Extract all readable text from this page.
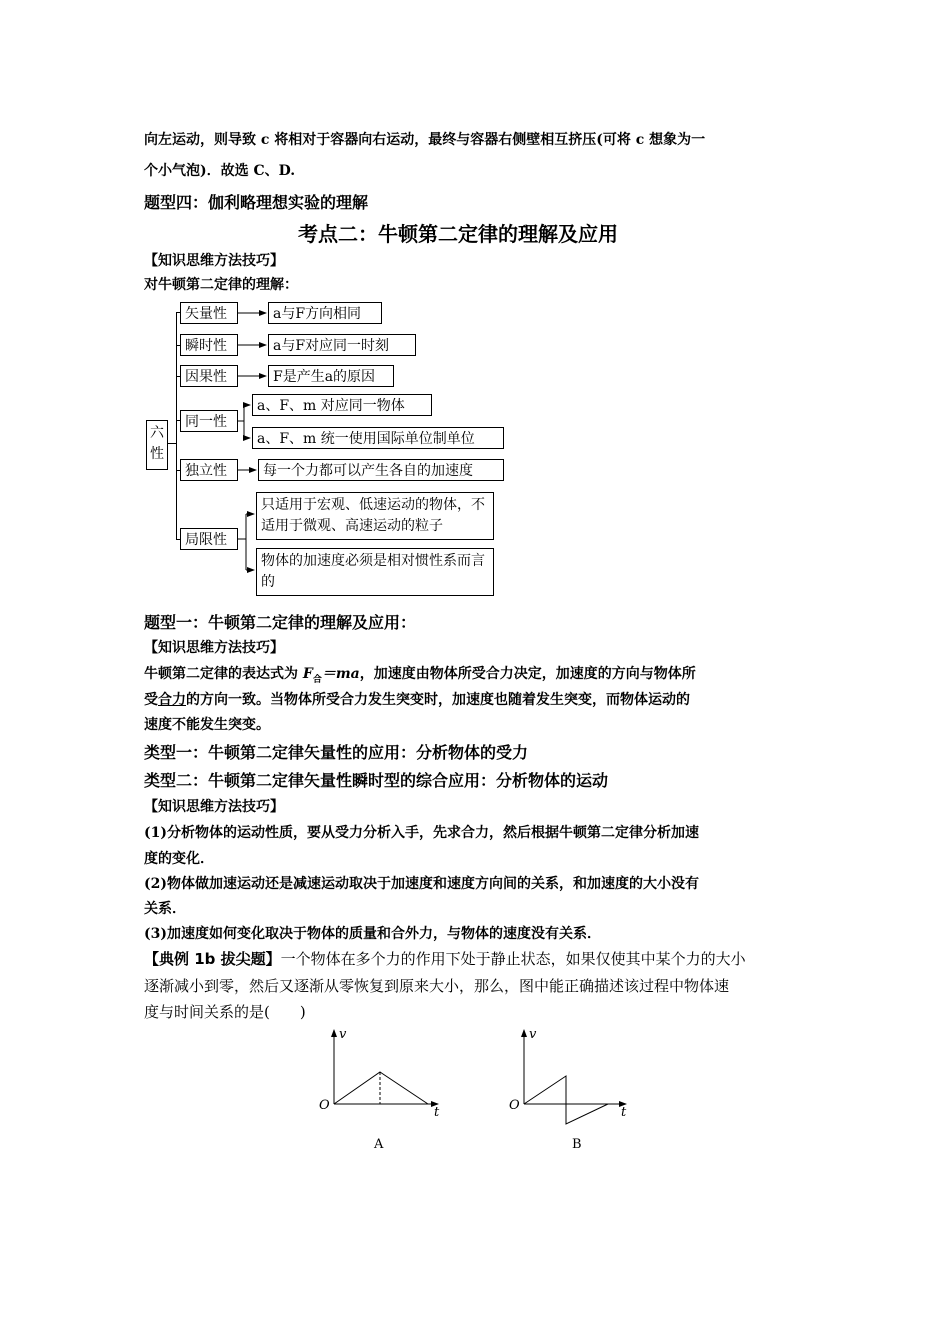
向左运动，则导致 c 将相对于容器向右运动，最终与容器右侧壁相互挤压(可将 c 想象为一
个小气泡)．故选 C、D.
题型四：伽利略理想实验的理解
考点二：牛顿第二定律的理解及应用
【知识思维方法技巧】
对牛顿第二定律的理解：
六
性
矢量性
瞬时性
因果性
同一性
独立性
局限性
a与F方向相同
a与F对应同一时刻
F是产生a的原因
a、F、m 对应同一物体
a、F、m 统一使用国际单位制单位
每一个力都可以产生各自的加速度
只适用于宏观、低速运动的物体，不适用于微观、高速运动的粒子
物体的加速度必须是相对惯性系而言的
题型一：牛顿第二定律的理解及应用：
【知识思维方法技巧】
牛顿第二定律的表达式为 $F_合=ma$，加速度由物体所受合力决定，加速度的方向与物体所
受合力的方向一致。当物体所受合力发生突变时，加速度也随着发生突变，而物体运动的
速度不能发生突变。
类型一：牛顿第二定律矢量性的应用：分析物体的受力
类型二：牛顿第二定律矢量性瞬时型的综合应用：分析物体的运动
【知识思维方法技巧】
(1)分析物体的运动性质，要从受力分析入手，先求合力，然后根据牛顿第二定律分析加速
度的变化．
(2)物体做加速运动还是减速运动取决于加速度和速度方向间的关系，和加速度的大小没有
关系．
(3)加速度如何变化取决于物体的质量和合外力，与物体的速度没有关系．
【典例 1b 拔尖题】一个物体在多个力的作用下处于静止状态，如果仅使其中某个力的大小
逐渐减小到零，然后又逐渐从零恢复到原来大小，那么，图中能正确描述该过程中物体速
度与时间关系的是(　　)
v
t
O
A
v
t
O
B
